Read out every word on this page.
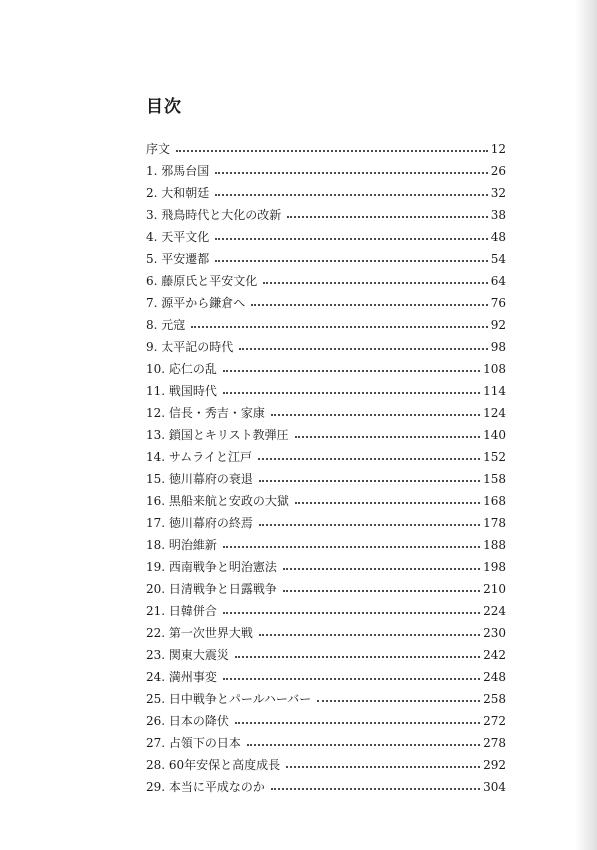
目次
序文	12
1. 邪馬台国	26
2. 大和朝廷	32
3. 飛鳥時代と大化の改新	38
4. 天平文化	48
5. 平安遷都	54
6. 藤原氏と平安文化	64
7. 源平から鎌倉へ	76
8. 元寇	92
9. 太平記の時代	98
10. 応仁の乱	108
11. 戦国時代	114
12. 信長・秀吉・家康	124
13. 鎖国とキリスト教弾圧	140
14. サムライと江戸	152
15. 徳川幕府の衰退	158
16. 黒船来航と安政の大獄	168
17. 徳川幕府の終焉	178
18. 明治維新	188
19. 西南戦争と明治憲法	198
20. 日清戦争と日露戦争	210
21. 日韓併合	224
22. 第一次世界大戦	230
23. 関東大震災	242
24. 満州事変	248
25. 日中戦争とパールハーバー	258
26. 日本の降伏	272
27. 占領下の日本	278
28. 60年安保と高度成長	292
29. 本当に平成なのか	304
